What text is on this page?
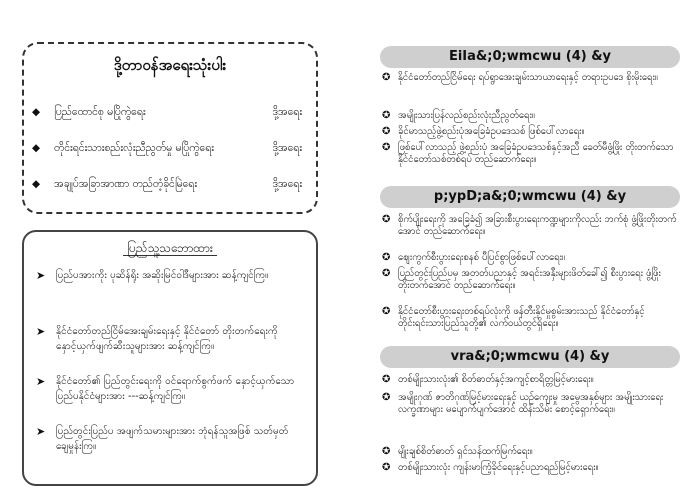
ဒို့တာဝန်အရေးသုံးပါး
◆ ပြည်ထောင်စု မပြိုကွဲရေး	ဒို့အရေး
◆ တိုင်းရင်းသားစည်းလုံးညီညွတ်မှု မပြိုကွဲရေး	ဒို့အရေး
◆ အချုပ်အခြာအာဏာ တည်တံ့ခိုင်မြဲရေး	ဒို့အရေး
ပြည်သူ့သဘောထား
➤ ပြည်ပအားကိုး ပုဆိန်ရိုး အဆိုးမြင်ဝါဒီများအား ဆန့်ကျင်ကြ။
➤ နိုင်ငံတော်တည်ငြိမ်အေးချမ်းရေးနှင့် နိုင်ငံတော် တိုးတက်ရေးကို နှောင့်ယှက်ဖျက်ဆီးသူများအား ဆန့်ကျင်ကြ။
➤ နိုင်ငံတော်၏ ပြည်တွင်းရေးကို ဝင်ရောက်စွက်ဖက် နှောင့်ယှက်သော ပြည်ပနိုင်ငံများအား ---ဆန့်ကျင်ကြ။
➤ ပြည်တွင်းပြည်ပ အဖျက်သမားများအား ဘုံရန်သူအဖြစ် သတ်မှတ်ချေမှုန်းကြ။
EiIa&;0;wmcwu (4) &y
✪ နိုင်ငံတော်တည်ငြိမ်ရေး ရပ်ရွာအေးချမ်းသာယာရေးနှင့် တရားဥပဒေ စိုးမိုးရေး။
✪ အမျိုးသားပြန်လည်စည်းလုံးညီညွတ်ရေး။
✪ ခိုင်မာသည့်ဖွဲ့စည်းပုံအခြေခံဥပဒေသစ် ဖြစ်ပေါ်လာရေး။
✪ ဖြစ်ပေါ်လာသည့် ဖွဲ့စည်းပုံ အခြေခံဥပဒေသစ်နှင့်အညီ ခေတ်မီဖွံ့ဖြိုး တိုးတက်သော နိုင်ငံတော်သစ်တစ်ရပ် တည်ဆောက်ရေး။
p;ypD;a&;0;wmcwu (4) &y
✪ စိုက်ပျိုးရေးကို အခြေခံ၍ အခြားစီးပွားရေးကဏ္ဍများကိုလည်း ဘက်စုံ ဖွံ့ဖြိုးတိုးတက်အောင် တည်ဆောက်ရေး။
✪ ဈေးကွက်စီးပွားရေးစနစ် ပီပြင်စွာဖြစ်ပေါ်လာရေး။
✪ ပြည်တွင်းပြည်ပမှ အတတ်ပညာနှင့် အရင်းအနှီးများဖိတ်ခေါ်၍ စီးပွားရေး ဖွံ့ဖြိုးတိုးတက်အောင် တည်ဆောက်ရေး။
✪ နိုင်ငံတော်စီးပွားရေးတစ်ရပ်လုံးကို ဖန်တီးနိုင်မှုစွမ်းအားသည် နိုင်ငံတော်နှင့် တိုင်းရင်းသားပြည်သူတို့၏ လက်ဝယ်တွင်ရှိရေး။
vra&;0;wmcwu (4) &y
✪ တစ်မျိုးသားလုံး၏ စိတ်ဓာတ်နှင့်အကျင့်စာရိတ္တမြင့်မားရေး။
✪ အမျိုးဂုဏ် ဇာတိဂုဏ်မြင့်မားရေးနှင့် ယဉ်ကျေးမှု အမွေအနှစ်များ အမျိုးသားရေးလက္ခဏာများ မပျောက်ပျက်အောင် ထိန်းသိမ်း စောင့်ရှောက်ရေး။
✪ မျိုးချစ်စိတ်ဓာတ် ရှင်သန်ထက်မြက်ရေး။
✪ တစ်မျိုးသားလုံး ကျန်းမာကြံ့ခိုင်ရေးနှင့်ပညာရည်မြင့်မားရေး။
